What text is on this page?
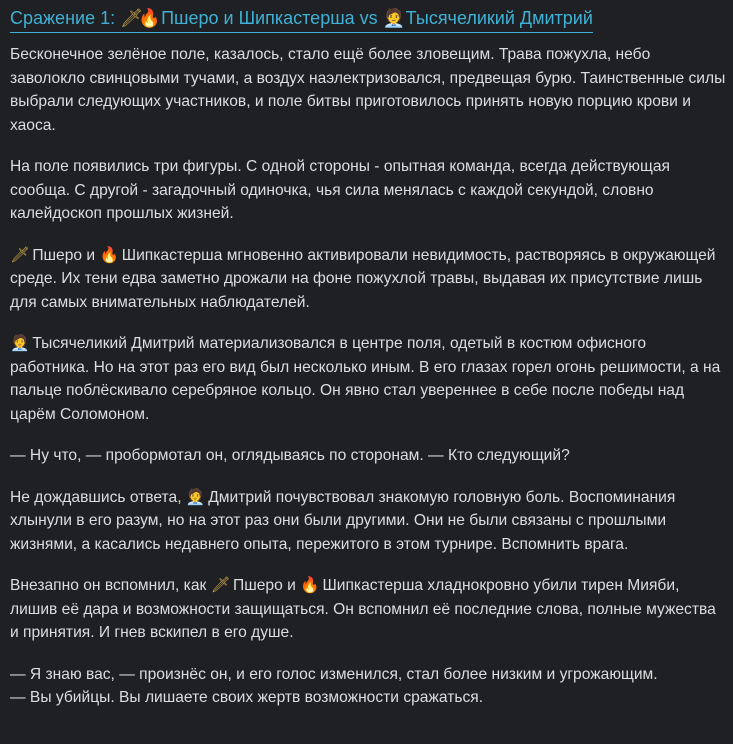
Сражение 1: 🗡🔥 Пшеро и Шипкастерша vs 🧑‍💼 Тысячеликий Дмитрий

Бесконечное зелёное поле, казалось, стало ещё более зловещим. Трава пожухла, небо заволокло свинцовыми тучами, а воздух наэлектризовался, предвещая бурю. Таинственные силы выбрали следующих участников, и поле битвы приготовилось принять новую порцию крови и хаоса.

На поле появились три фигуры. С одной стороны - опытная команда, всегда действующая сообща. С другой - загадочный одиночка, чья сила менялась с каждой секундой, словно калейдоскоп прошлых жизней.

🗡 Пшеро и 🔥 Шипкастерша мгновенно активировали невидимость, растворяясь в окружающей среде. Их тени едва заметно дрожали на фоне пожухлой травы, выдавая их присутствие лишь для самых внимательных наблюдателей.

🧑‍💼 Тысячеликий Дмитрий материализовался в центре поля, одетый в костюм офисного работника. Но на этот раз его вид был несколько иным. В его глазах горел огонь решимости, а на пальце поблёскивало серебряное кольцо. Он явно стал увереннее в себе после победы над царём Соломоном.

— Ну что, — пробормотал он, оглядываясь по сторонам. — Кто следующий?

Не дождавшись ответа, 🧑‍💼 Дмитрий почувствовал знакомую головную боль. Воспоминания хлынули в его разум, но на этот раз они были другими. Они не были связаны с прошлыми жизнями, а касались недавнего опыта, пережитого в этом турнире. Вспомнить врага.

Внезапно он вспомнил, как 🗡 Пшеро и 🔥 Шипкастерша хладнокровно убили тирен Мияби, лишив её дара и возможности защищаться. Он вспомнил её последние слова, полные мужества и принятия. И гнев вскипел в его душе.

— Я знаю вас, — произнёс он, и его голос изменился, стал более низким и угрожающим.
— Вы убийцы. Вы лишаете своих жертв возможности сражаться.
